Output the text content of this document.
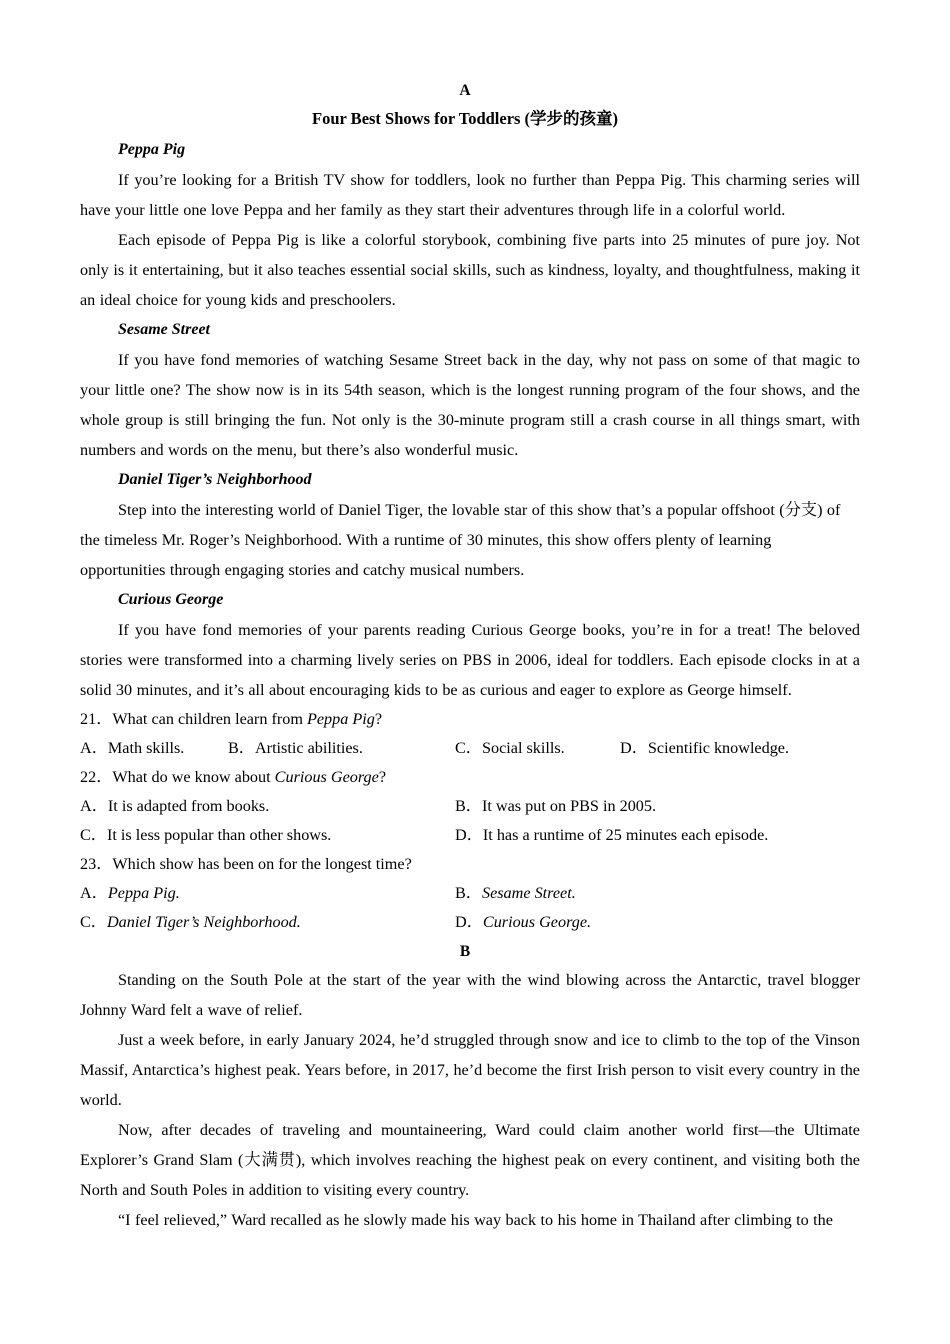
A
Four Best Shows for Toddlers (学步的孩童)
Peppa Pig

If you’re looking for a British TV show for toddlers, look no further than Peppa Pig. This charming series will have your little one love Peppa and her family as they start their adventures through life in a colorful world.

Each episode of Peppa Pig is like a colorful storybook, combining five parts into 25 minutes of pure joy. Not only is it entertaining, but it also teaches essential social skills, such as kindness, loyalty, and thoughtfulness, making it an ideal choice for young kids and preschoolers.

Sesame Street

If you have fond memories of watching Sesame Street back in the day, why not pass on some of that magic to your little one? The show now is in its 54th season, which is the longest running program of the four shows, and the whole group is still bringing the fun. Not only is the 30-minute program still a crash course in all things smart, with numbers and words on the menu, but there’s also wonderful music.

Daniel Tiger’s Neighborhood

Step into the interesting world of Daniel Tiger, the lovable star of this show that’s a popular offshoot (分支) of the timeless Mr. Roger’s Neighborhood. With a runtime of 30 minutes, this show offers plenty of learning opportunities through engaging stories and catchy musical numbers.

Curious George

If you have fond memories of your parents reading Curious George books, you’re in for a treat! The beloved stories were transformed into a charming lively series on PBS in 2006, ideal for toddlers. Each episode clocks in at a solid 30 minutes, and it’s all about encouraging kids to be as curious and eager to explore as George himself.

21．What can children learn from Peppa Pig?
A．Math skills.	B．Artistic abilities.	C．Social skills.	D．Scientific knowledge.
22．What do we know about Curious George?
A．It is adapted from books.	B．It was put on PBS in 2005.
C．It is less popular than other shows.	D．It has a runtime of 25 minutes each episode.
23．Which show has been on for the longest time?
A．Peppa Pig.	B．Sesame Street.
C．Daniel Tiger’s Neighborhood.	D．Curious George.
B

Standing on the South Pole at the start of the year with the wind blowing across the Antarctic, travel blogger Johnny Ward felt a wave of relief.

Just a week before, in early January 2024, he’d struggled through snow and ice to climb to the top of the Vinson Massif, Antarctica’s highest peak. Years before, in 2017, he’d become the first Irish person to visit every country in the world.

Now, after decades of traveling and mountaineering, Ward could claim another world first—the Ultimate Explorer’s Grand Slam (大满贯), which involves reaching the highest peak on every continent, and visiting both the North and South Poles in addition to visiting every country.

“I feel relieved,” Ward recalled as he slowly made his way back to his home in Thailand after climbing to the
